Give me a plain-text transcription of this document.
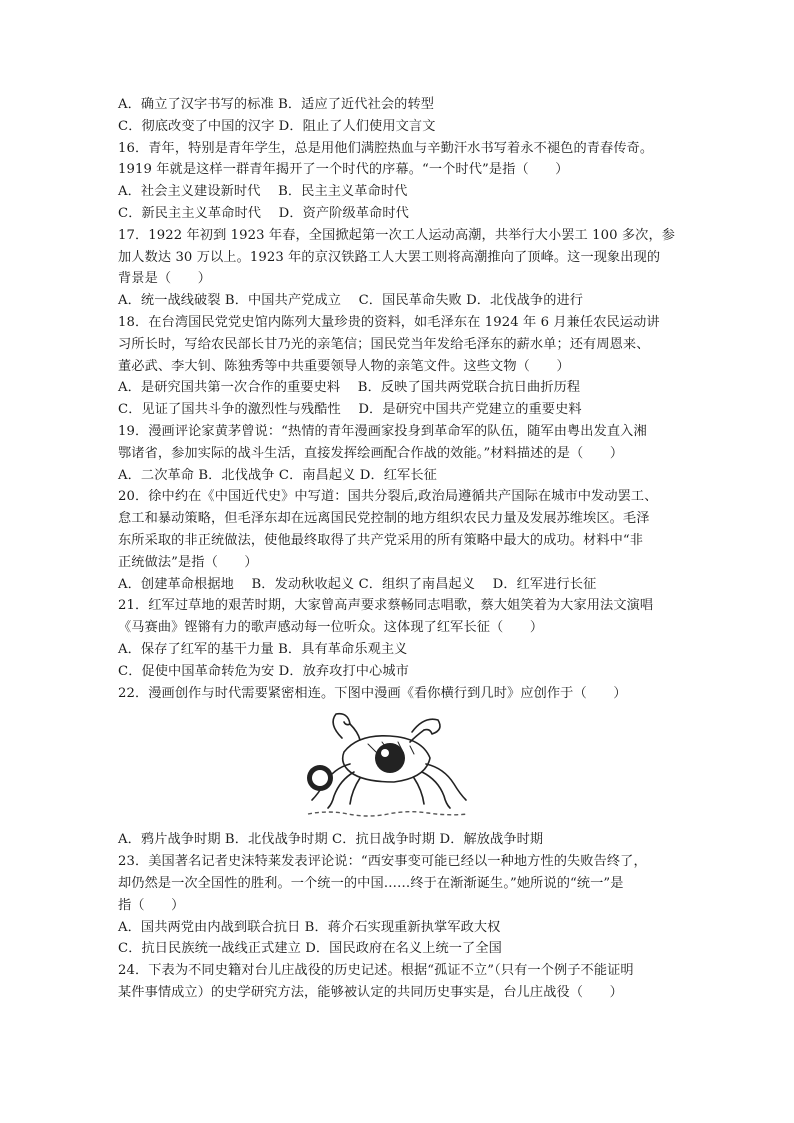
A．确立了汉字书写的标准 B．适应了近代社会的转型
C．彻底改变了中国的汉字 D．阻止了人们使用文言文
16．青年，特别是青年学生，总是用他们满腔热血与辛勤汗水书写着永不褪色的青春传奇。
1919 年就是这样一群青年揭开了一个时代的序幕。“一个时代”是指（　　）
A．社会主义建设新时代　 B．民主主义革命时代
C．新民主主义革命时代　 D．资产阶级革命时代
17．1922 年初到 1923 年春，全国掀起第一次工人运动高潮，共举行大小罢工 100 多次，参
加人数达 30 万以上。1923 年的京汉铁路工人大罢工则将高潮推向了顶峰。这一现象出现的
背景是（　　）
A．统一战线破裂 B．中国共产党成立　 C．国民革命失败 D．北伐战争的进行
18．在台湾国民党党史馆内陈列大量珍贵的资料，如毛泽东在 1924 年 6 月兼任农民运动讲
习所长时，写给农民部长甘乃光的亲笔信；国民党当年发给毛泽东的薪水单；还有周恩来、
董必武、李大钊、陈独秀等中共重要领导人物的亲笔文件。这些文物（　　）
A．是研究国共第一次合作的重要史料　 B．反映了国共两党联合抗日曲折历程
C．见证了国共斗争的激烈性与残酷性　 D．是研究中国共产党建立的重要史料
19．漫画评论家黄茅曾说：“热情的青年漫画家投身到革命军的队伍，随军由粤出发直入湘
鄂诸省，参加实际的战斗生活，直接发挥绘画配合作战的效能。”材料描述的是（　　）
A．二次革命 B．北伐战争 C．南昌起义 D．红军长征
20．徐中约在《中国近代史》中写道：国共分裂后,政治局遵循共产国际在城市中发动罢工、
怠工和暴动策略，但毛泽东却在远离国民党控制的地方组织农民力量及发展苏维埃区。毛泽
东所采取的非正统做法，使他最终取得了共产党采用的所有策略中最大的成功。材料中“非
正统做法”是指（　　）
A．创建革命根据地　 B．发动秋收起义 C．组织了南昌起义　 D．红军进行长征
21．红军过草地的艰苦时期，大家曾高声要求蔡畅同志唱歌，蔡大姐笑着为大家用法文演唱
《马赛曲》铿锵有力的歌声感动每一位听众。这体现了红军长征（　　）
A．保存了红军的基干力量 B．具有革命乐观主义
C．促使中国革命转危为安 D．放弃攻打中心城市
22．漫画创作与时代需要紧密相连。下图中漫画《看你横行到几时》应创作于（　　）
A．鸦片战争时期 B．北伐战争时期 C．抗日战争时期 D．解放战争时期
23．美国著名记者史沫特莱发表评论说：“西安事变可能已经以一种地方性的失败告终了，
却仍然是一次全国性的胜利。一个统一的中国……终于在渐渐诞生。”她所说的“统一”是
指（　　）
A．国共两党由内战到联合抗日 B．蒋介石实现重新执掌军政大权
C．抗日民族统一战线正式建立 D．国民政府在名义上统一了全国
24．下表为不同史籍对台儿庄战役的历史记述。根据“孤证不立”（只有一个例子不能证明
某件事情成立）的史学研究方法，能够被认定的共同历史事实是，台儿庄战役（　　）
